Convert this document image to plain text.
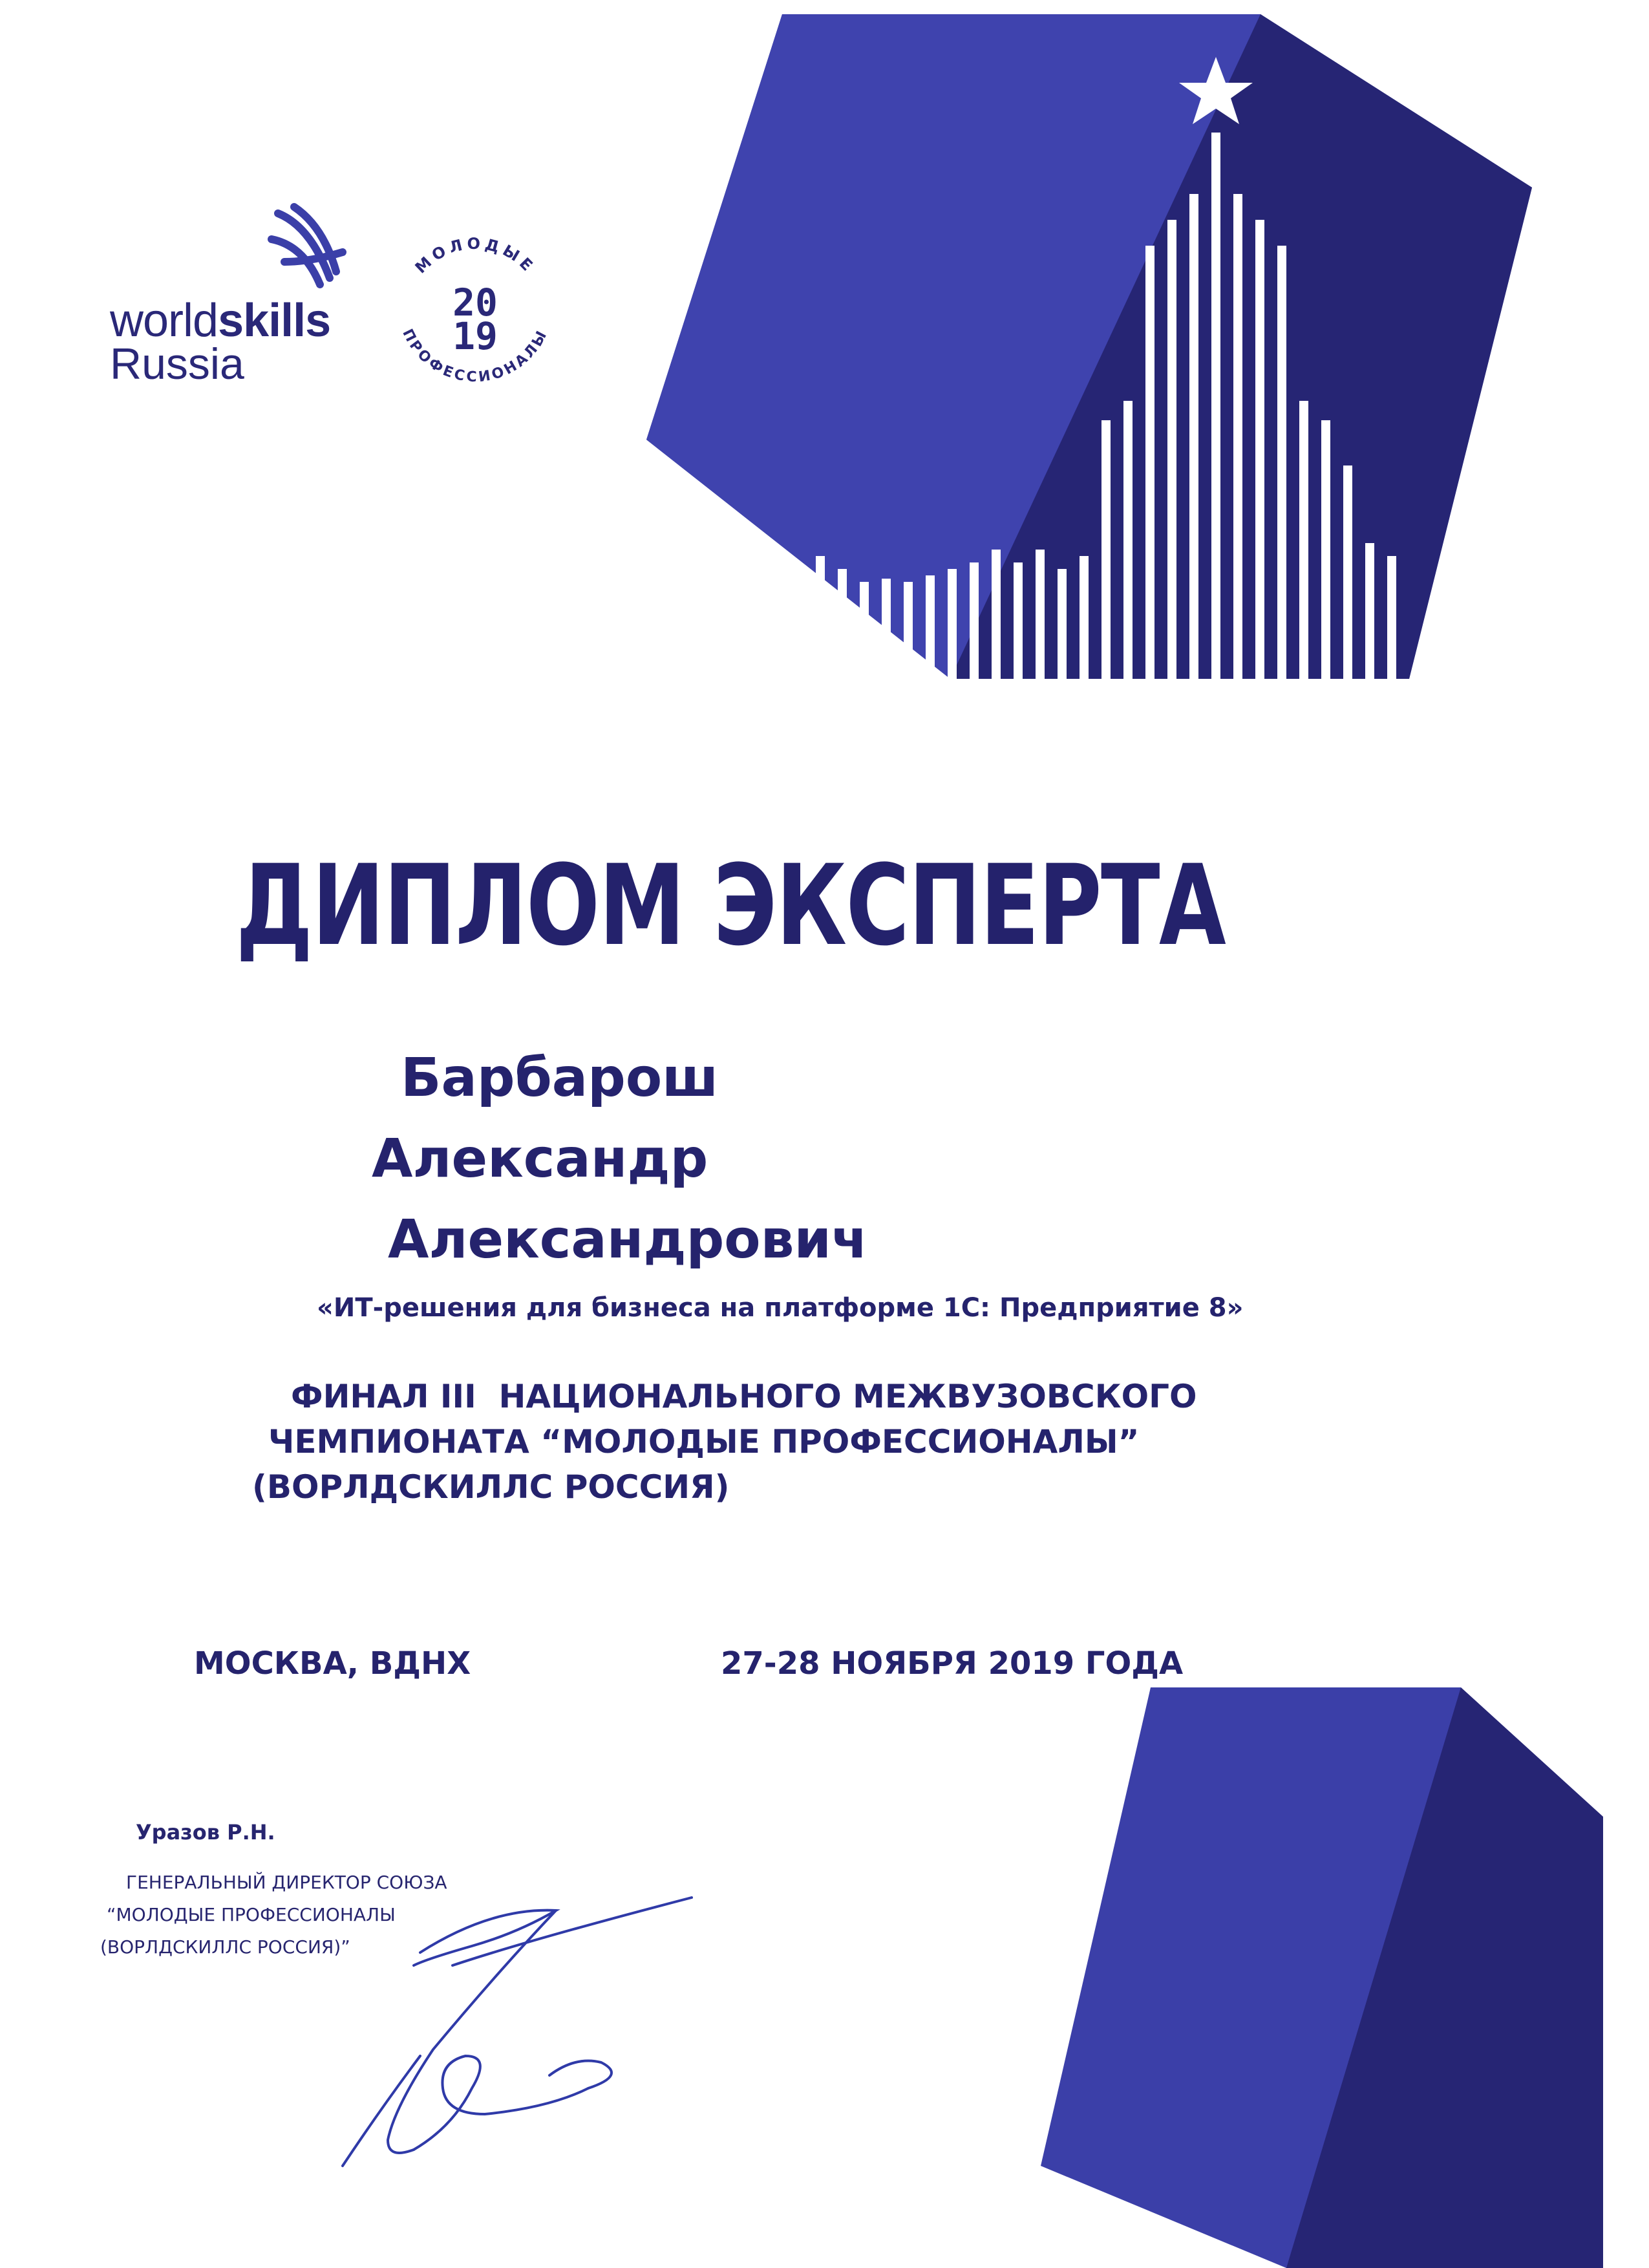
worldskills
Russia
МОЛОДЫЕ
ПРОФЕССИОНАЛЫ
20
19
ДИПЛОМ ЭКСПЕРТА
Барбарош
Александр
Александрович
«ИТ-решения для бизнеса на платформе 1С: Предприятие 8»
ФИНАЛ III  НАЦИОНАЛЬНОГО МЕЖВУЗОВСКОГО
ЧЕМПИОНАТА “МОЛОДЫЕ ПРОФЕССИОНАЛЫ”
(ВОРЛДСКИЛЛС РОССИЯ)
МОСКВА, ВДНХ	27-28 НОЯБРЯ 2019 ГОДА
Уразов Р.Н.
ГЕНЕРАЛЬНЫЙ ДИРЕКТОР СОЮЗА
“МОЛОДЫЕ ПРОФЕССИОНАЛЫ
(ВОРЛДСКИЛЛС РОССИЯ)”
